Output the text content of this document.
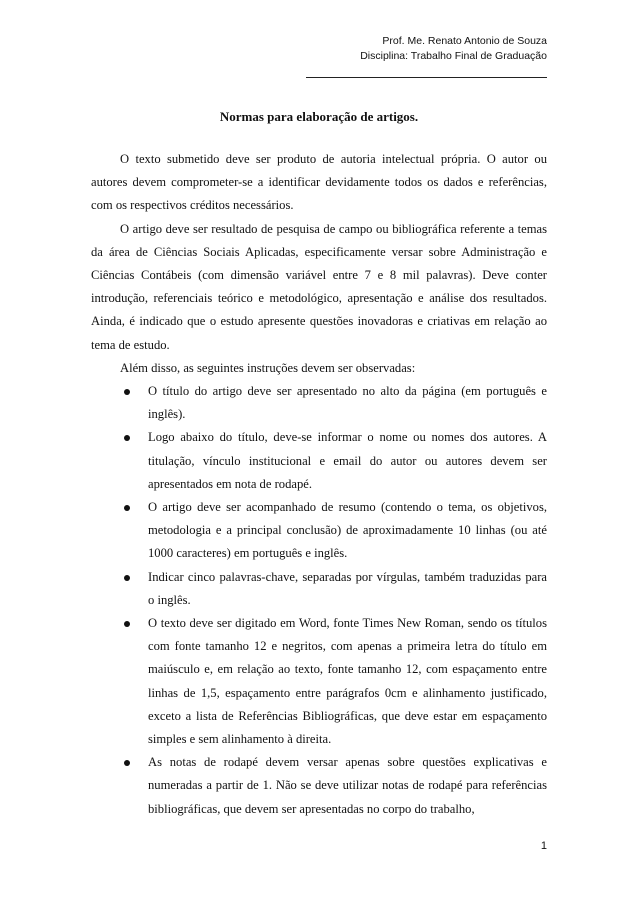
Prof. Me. Renato Antonio de Souza
Disciplina: Trabalho Final de Graduação
Normas para elaboração de artigos.

O texto submetido deve ser produto de autoria intelectual própria. O autor ou autores devem comprometer-se a identificar devidamente todos os dados e referências, com os respectivos créditos necessários.

O artigo deve ser resultado de pesquisa de campo ou bibliográfica referente a temas da área de Ciências Sociais Aplicadas, especificamente versar sobre Administração e Ciências Contábeis (com dimensão variável entre 7 e 8 mil palavras). Deve conter introdução, referenciais teórico e metodológico, apresentação e análise dos resultados. Ainda, é indicado que o estudo apresente questões inovadoras e criativas em relação ao tema de estudo.

Além disso, as seguintes instruções devem ser observadas:

O título do artigo deve ser apresentado no alto da página (em português e inglês).
Logo abaixo do título, deve-se informar o nome ou nomes dos autores. A titulação, vínculo institucional e email do autor ou autores devem ser apresentados em nota de rodapé.
O artigo deve ser acompanhado de resumo (contendo o tema, os objetivos, metodologia e a principal conclusão) de aproximadamente 10 linhas (ou até 1000 caracteres) em português e inglês.
Indicar cinco palavras-chave, separadas por vírgulas, também traduzidas para o inglês.
O texto deve ser digitado em Word, fonte Times New Roman, sendo os títulos com fonte tamanho 12 e negritos, com apenas a primeira letra do título em maiúsculo e, em relação ao texto, fonte tamanho 12, com espaçamento entre linhas de 1,5, espaçamento entre parágrafos 0cm e alinhamento justificado, exceto a lista de Referências Bibliográficas, que deve estar em espaçamento simples e sem alinhamento à direita.
As notas de rodapé devem versar apenas sobre questões explicativas e numeradas a partir de 1. Não se deve utilizar notas de rodapé para referências bibliográficas, que devem ser apresentadas no corpo do trabalho,
1
